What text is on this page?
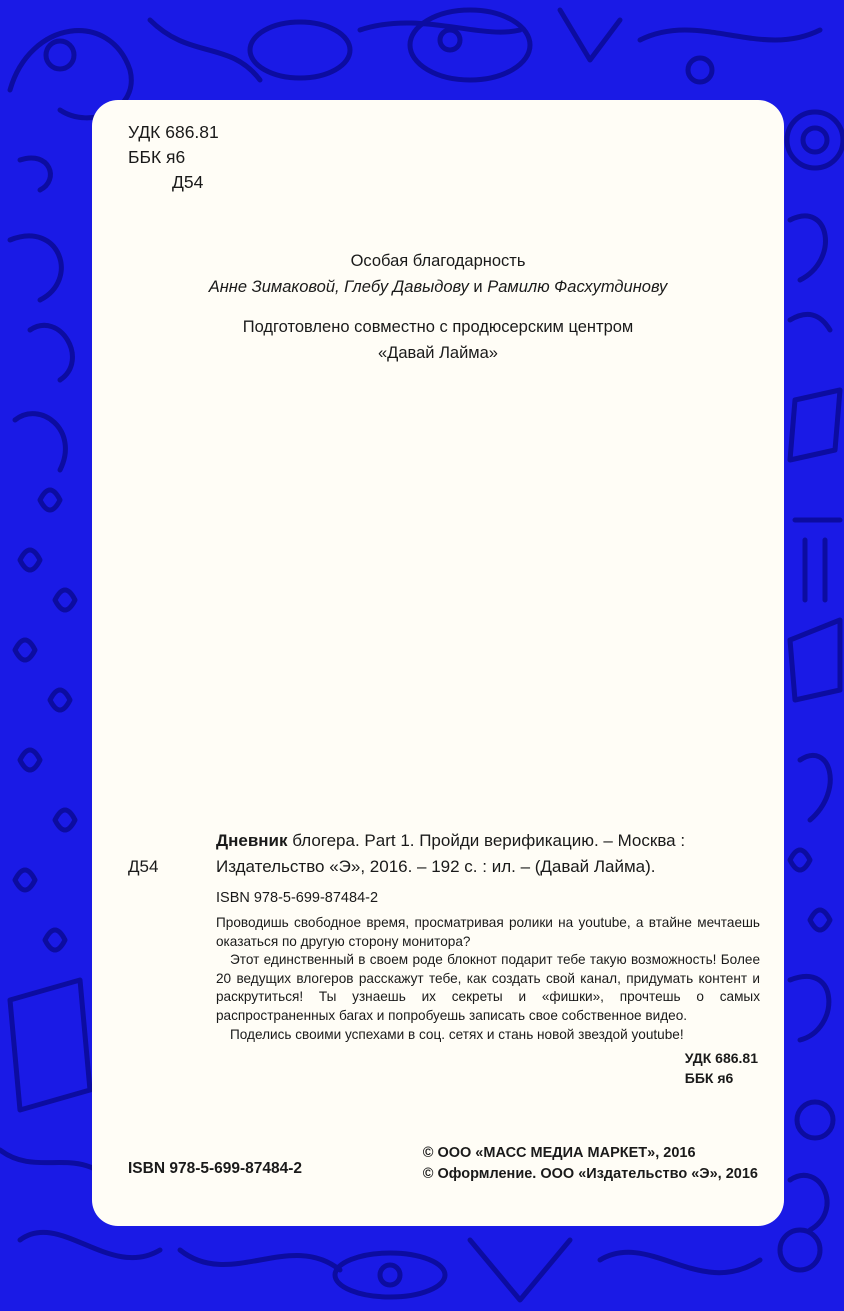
УДК 686.81
ББК я6
Д54
Особая благодарность
Анне Зимаковой, Глебу Давыдову и Рамилю Фасхутдинову
Подготовлено совместно с продюсерским центром
«Давай Лайма»
Дневник блогера. Part 1. Пройди верификацию. – Москва :
Издательство «Э», 2016. – 192 с. : ил. – (Давай Лайма).
Д54
ISBN 978-5-699-87484-2

Проводишь свободное время, просматривая ролики на youtube, а втайне мечтаешь оказаться по другую сторону монитора?

Этот единственный в своем роде блокнот подарит тебе такую возможность! Более 20 ведущих влогеров расскажут тебе, как создать свой канал, придумать контент и раскрутиться! Ты узнаешь их секреты и «фишки», прочтешь о самых распространенных багах и попробуешь записать свое собственное видео.

Поделись своими успехами в соц. сетях и стань новой звездой youtube!

УДК 686.81
ББК я6
ISBN 978-5-699-87484-2
© ООО «МАСС МЕДИА МАРКЕТ», 2016
© Оформление. ООО «Издательство «Э», 2016
